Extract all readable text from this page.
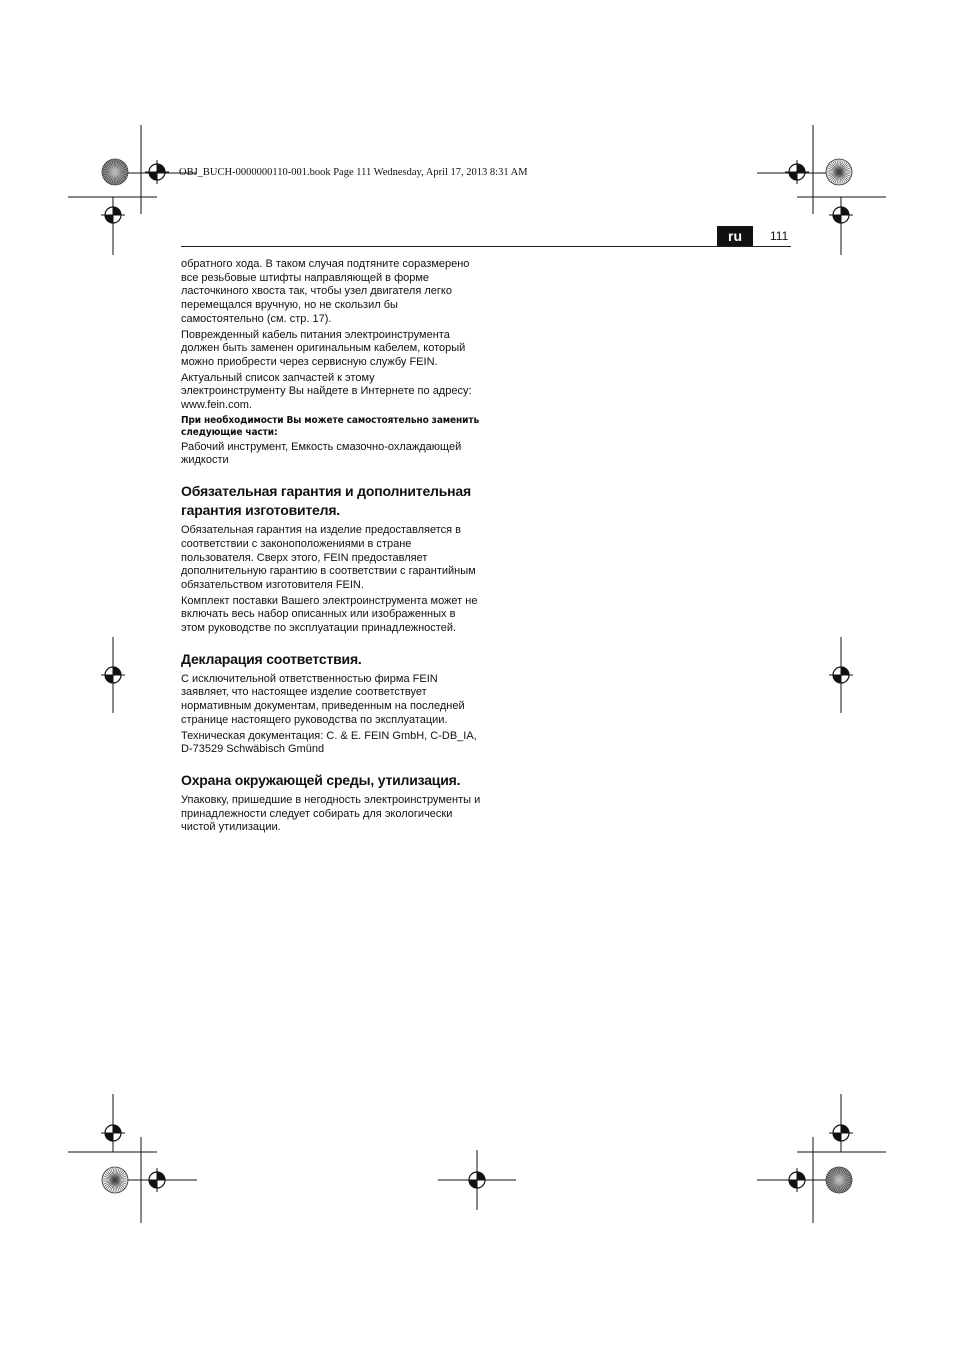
OBJ_BUCH-0000000110-001.book Page 111 Wednesday, April 17, 2013 8:31 AM
ru	111

обратного хода. В таком случая подтяните соразмерено все резьбовые штифты направляющей в форме ласточкиного хвоста так, чтобы узел двигателя легко перемещался вручную, но не скользил бы самостоятельно (см. стр. 17).

Поврежденный кабель питания электроинструмента должен быть заменен оригинальным кабелем, который можно приобрести через сервисную службу FEIN.

Актуальный список запчастей к этому электроинструменту Вы найдете в Интернете по адресу: www.fein.com.

При необходимости Вы можете самостоятельно заменить следующие части:

Рабочий инструмент, Емкость смазочно-охлаждающей жидкости

Обязательная гарантия и дополнительная гарантия изготовителя.

Обязательная гарантия на изделие предоставляется в соответствии с законоположениями в стране пользователя. Сверх этого, FEIN предоставляет дополнительную гарантию в соответствии с гарантийным обязательством изготовителя FEIN.

Комплект поставки Вашего электроинструмента может не включать весь набор описанных или изображенных в этом руководстве по эксплуатации принадлежностей.

Декларация соответствия.

С исключительной ответственностью фирма FEIN заявляет, что настоящее изделие соответствует нормативным документам, приведенным на последней странице настоящего руководства по эксплуатации.

Техническая документация: C. & E. FEIN GmbH, C-DB_IA, D-73529 Schwäbisch Gmünd

Охрана окружающей среды, утилизация.

Упаковку, пришедшие в негодность электроинструменты и принадлежности следует собирать для экологически чистой утилизации.
